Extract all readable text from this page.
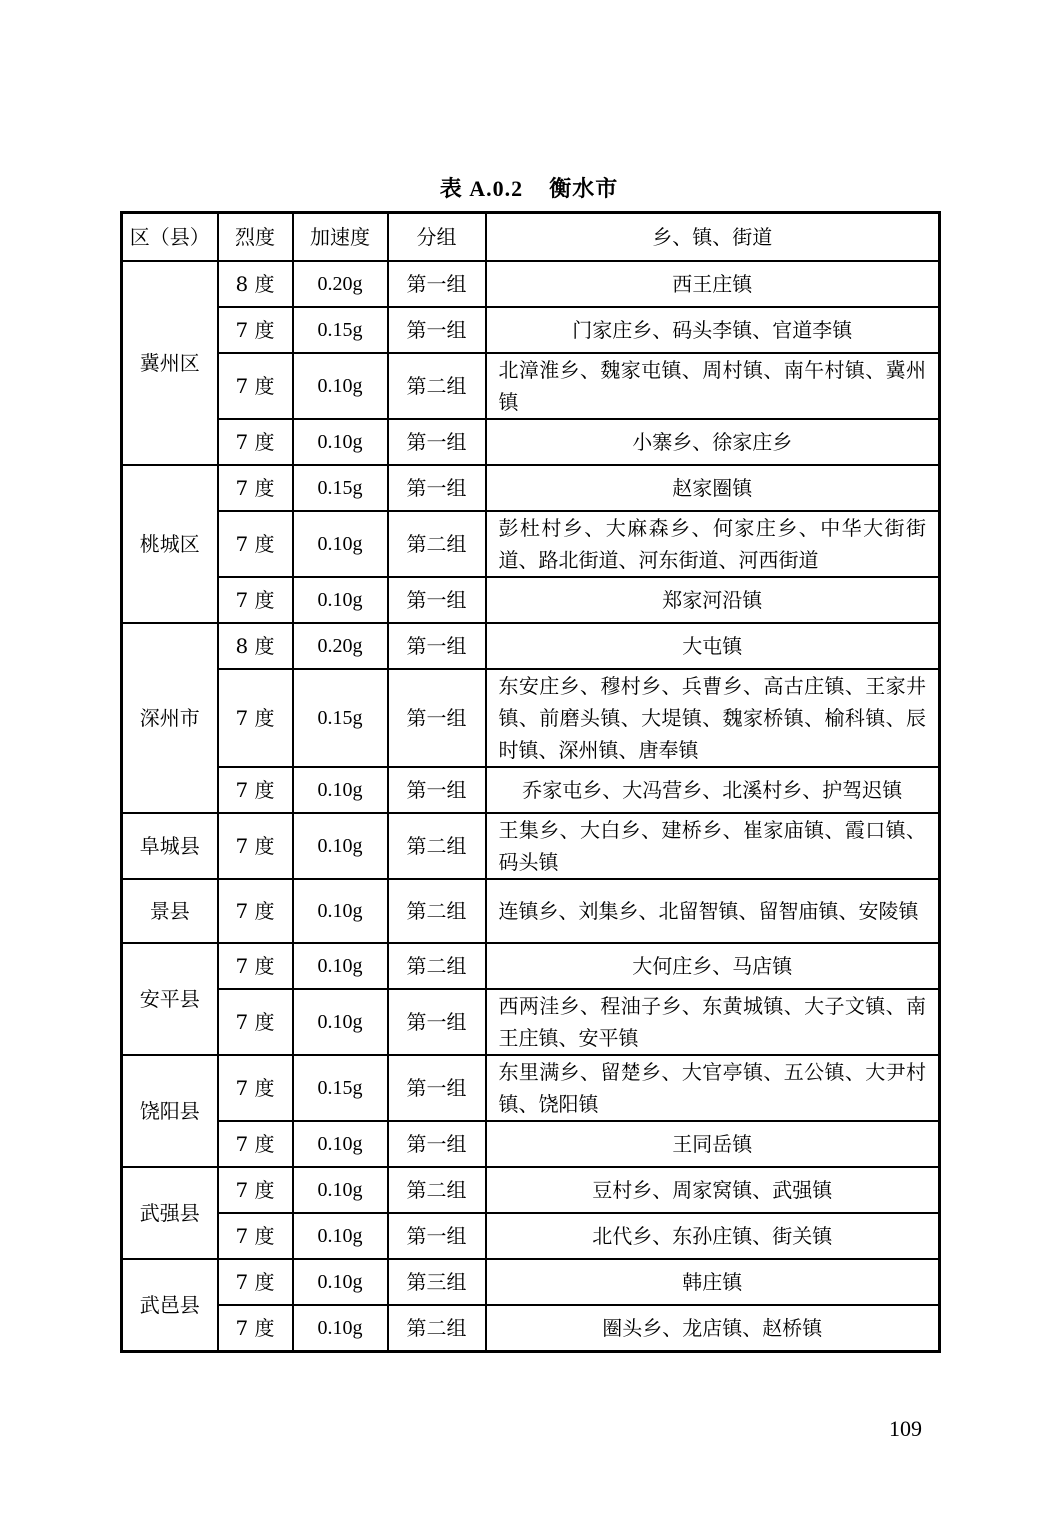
表 A.0.2 衡水市
区（县）	烈度	加速度	分组	乡、镇、街道
冀州区	8 度	0.20g	第一组	西王庄镇
	7 度	0.15g	第一组	门家庄乡、码头李镇、官道李镇
	7 度	0.10g	第二组	北漳淮乡、魏家屯镇、周村镇、南午村镇、冀州镇
	7 度	0.10g	第一组	小寨乡、徐家庄乡
桃城区	7 度	0.15g	第一组	赵家圈镇
	7 度	0.10g	第二组	彭杜村乡、大麻森乡、何家庄乡、中华大街街道、路北街道、河东街道、河西街道
	7 度	0.10g	第一组	郑家河沿镇
深州市	8 度	0.20g	第一组	大屯镇
	7 度	0.15g	第一组	东安庄乡、穆村乡、兵曹乡、高古庄镇、王家井镇、前磨头镇、大堤镇、魏家桥镇、榆科镇、辰时镇、深州镇、唐奉镇
	7 度	0.10g	第一组	乔家屯乡、大冯营乡、北溪村乡、护驾迟镇
阜城县	7 度	0.10g	第二组	王集乡、大白乡、建桥乡、崔家庙镇、霞口镇、码头镇
景县	7 度	0.10g	第二组	连镇乡、刘集乡、北留智镇、留智庙镇、安陵镇
安平县	7 度	0.10g	第二组	大何庄乡、马店镇
	7 度	0.10g	第一组	西两洼乡、程油子乡、东黄城镇、大子文镇、南王庄镇、安平镇
饶阳县	7 度	0.15g	第一组	东里满乡、留楚乡、大官亭镇、五公镇、大尹村镇、饶阳镇
	7 度	0.10g	第一组	王同岳镇
武强县	7 度	0.10g	第二组	豆村乡、周家窝镇、武强镇
	7 度	0.10g	第一组	北代乡、东孙庄镇、街关镇
武邑县	7 度	0.10g	第三组	韩庄镇
	7 度	0.10g	第二组	圈头乡、龙店镇、赵桥镇
109
